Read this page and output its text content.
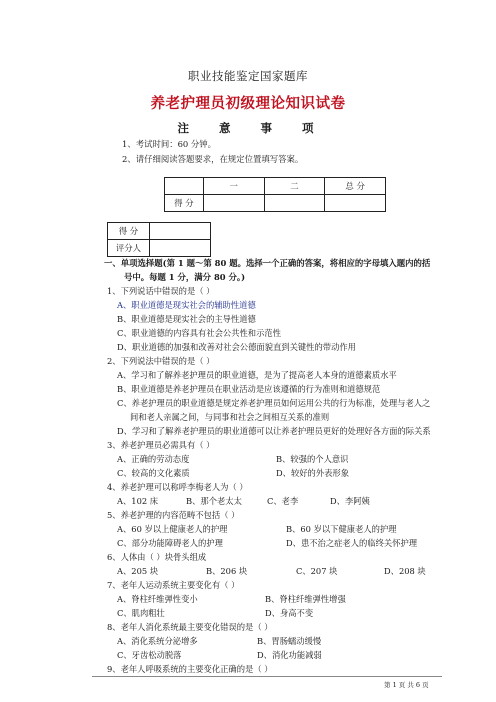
职业技能鉴定国家题库
养老护理员初级理论知识试卷
注 意 事 项
1、考试时间：60 分钟。
2、请仔细阅读答题要求，在规定位置填写答案。
	一	二	总 分
得 分			
得 分	
评分人	
一、单项选择题(第 1 题～第 80 题。选择一个正确的答案，将相应的字母填入题内的括
号中。每题 1 分，满分 80 分。)
1、下列说话中错误的是（ ）
A、职业道德是现实社会的辅助性道德
B、职业道德是现实社会的主导性道德
C、职业道德的内容具有社会公共性和示范性
D、职业道德的加强和改善对社会公德面貌直到关键性的带动作用
2、下列说法中错误的是（ ）
A、学习和了解养老护理员的职业道德，是为了提高老人本身的道德素质水平
B、职业道德是养老护理员在职业活动是应该遵循的行为准则和道德规范
C、养老护理员的职业道德是规定养老护理员如何运用公共的行为标准，处理与老人之
间和老人亲属之间，与同事和社会之间相互关系的准则
D、学习和了解养老护理员的职业道德可以让养老护理员更好的处理好各方面的际关系
3、养老护理员必需具有（ ）
A、正确的劳动态度	B、较强的个人意识
C、较高的文化素质	D、较好的外表形象
4、养老护理可以称呼李梅老人为（ ）
A、102 床	B、那个老太太	C、老李	D、李阿姨
5、养老护理的内容范畴不包括（ ）
A、60 岁以上健康老人的护理	B、60 岁以下健康老人的护理
C、部分功能障碍老人的护理	D、患不治之症老人的临终关怀护理
6、人体由（ ）块骨头组成
A、205 块	B、206 块	C、207 块	D、208 块
7、老年人运动系统主要变化有（ ）
A、脊柱纤维弹性变小	B、脊柱纤维弹性增强
C、肌肉粗壮	D、身高不变
8、老年人消化系统最主要变化错误的是（ ）
A、消化系统分泌增多	B、胃肠蠕动缓慢
C、牙齿松动脱落	D、消化功能减弱
9、老年人呼吸系统的主要变化正确的是（ ）
第 1 页 共 6 页
